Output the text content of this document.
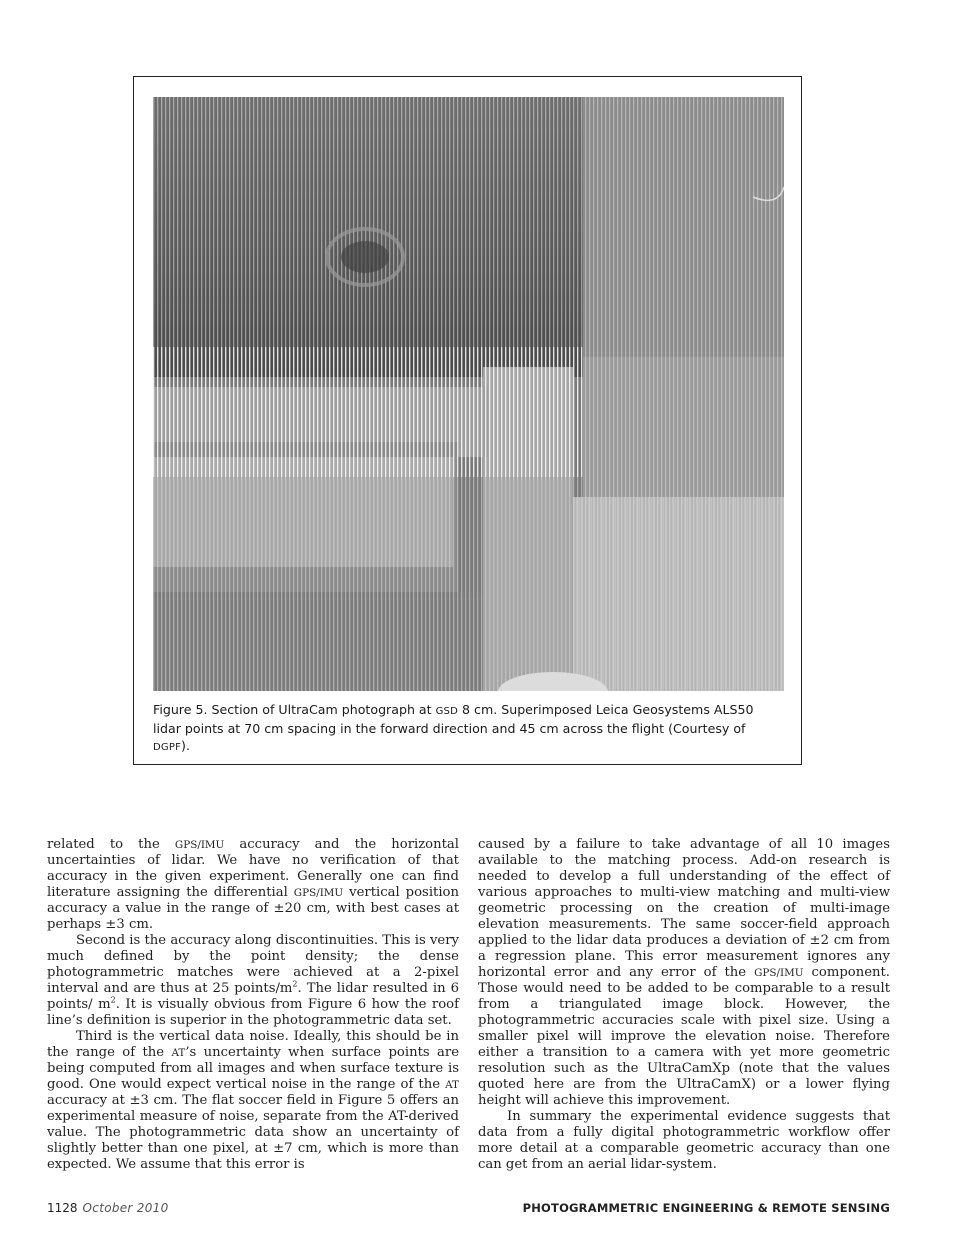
Figure 5. Section of UltraCam photograph at GSD 8 cm. Superimposed Leica Geosystems ALS50 lidar points at 70 cm spacing in the forward direction and 45 cm across the flight (Courtesy of DGPF).

related to the GPS/IMU accuracy and the horizontal uncertainties of lidar. We have no verification of that accuracy in the given experiment. Generally one can find literature assigning the differential GPS/IMU vertical position accuracy a value in the range of ±20 cm, with best cases at perhaps ±3 cm.

Second is the accuracy along discontinuities. This is very much defined by the point density; the dense photogrammetric matches were achieved at a 2-pixel interval and are thus at 25 points/$m^2$. The lidar resulted in 6 points/ $m^2$. It is visually obvious from Figure 6 how the roof line’s definition is superior in the photogrammetric data set.

Third is the vertical data noise. Ideally, this should be in the range of the AT’s uncertainty when surface points are being computed from all images and when surface texture is good. One would expect vertical noise in the range of the AT accuracy at ±3 cm. The flat soccer field in Figure 5 offers an experimental measure of noise, separate from the AT-derived value. The photogrammetric data show an uncertainty of slightly better than one pixel, at ±7 cm, which is more than expected. We assume that this error is

caused by a failure to take advantage of all 10 images available to the matching process. Add-on research is needed to develop a full understanding of the effect of various approaches to multi-view matching and multi-view geometric processing on the creation of multi-image elevation measurements. The same soccer-field approach applied to the lidar data produces a deviation of ±2 cm from a regression plane. This error measurement ignores any horizontal error and any error of the GPS/IMU component. Those would need to be added to be comparable to a result from a triangulated image block. However, the photogrammetric accuracies scale with pixel size. Using a smaller pixel will improve the elevation noise. Therefore either a transition to a camera with yet more geometric resolution such as the UltraCamXp (note that the values quoted here are from the UltraCamX) or a lower flying height will achieve this improvement.

In summary the experimental evidence suggests that data from a fully digital photogrammetric workflow offer more detail at a comparable geometric accuracy than one can get from an aerial lidar-system.

1128 October 2010	PHOTOGRAMMETRIC ENGINEERING & REMOTE SENSING
